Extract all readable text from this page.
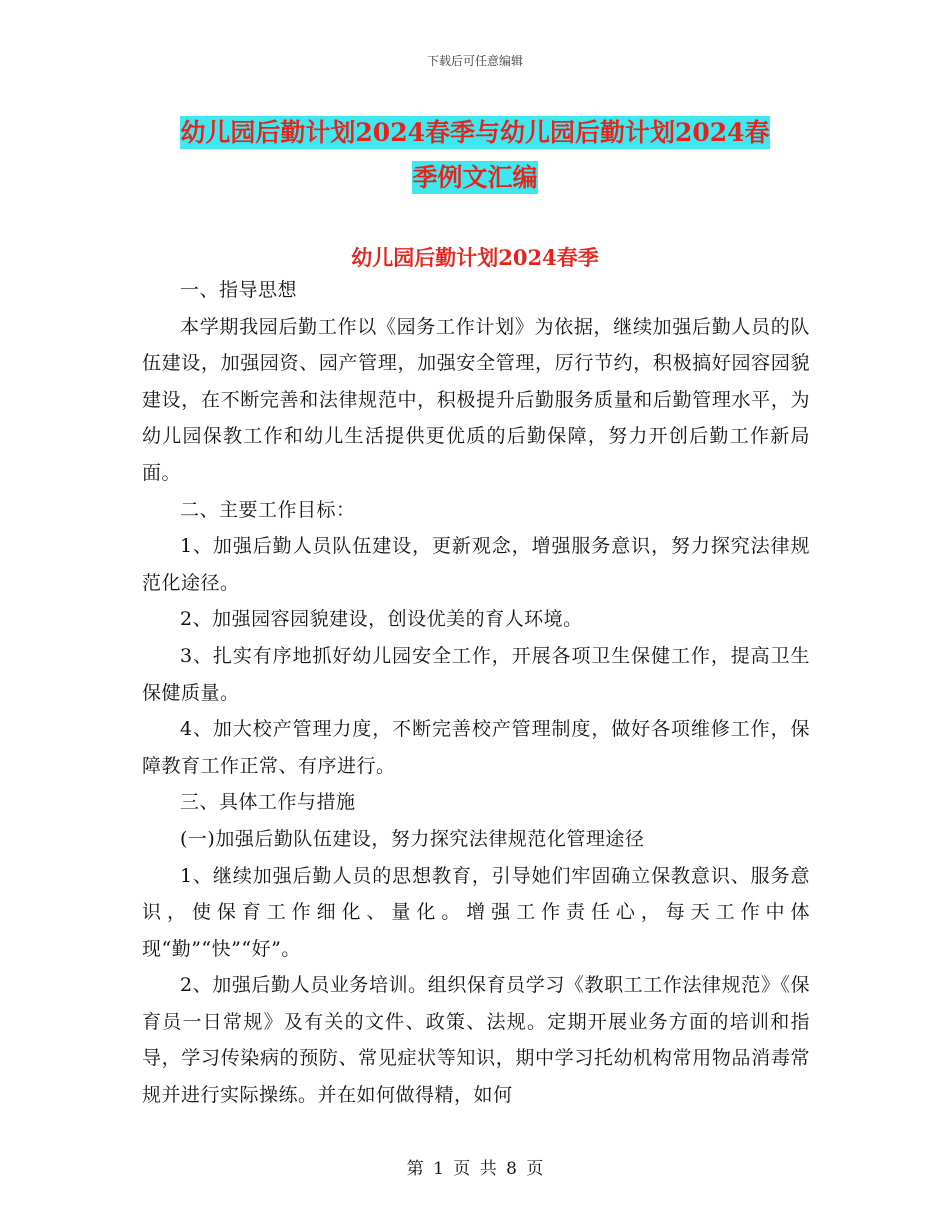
下载后可任意编辑
幼儿园后勤计划2024春季与幼儿园后勤计划2024春
季例文汇编
幼儿园后勤计划2024春季

一、指导思想

本学期我园后勤工作以《园务工作计划》为依据，继续加强后勤人员的队伍建设，加强园资、园产管理，加强安全管理，厉行节约，积极搞好园容园貌建设，在不断完善和法律规范中，积极提升后勤服务质量和后勤管理水平，为幼儿园保教工作和幼儿生活提供更优质的后勤保障，努力开创后勤工作新局面。

二、主要工作目标：

1、加强后勤人员队伍建设，更新观念，增强服务意识，努力探究法律规范化途径。

2、加强园容园貌建设，创设优美的育人环境。

3、扎实有序地抓好幼儿园安全工作，开展各项卫生保健工作，提高卫生保健质量。

4、加大校产管理力度，不断完善校产管理制度，做好各项维修工作，保障教育工作正常、有序进行。

三、具体工作与措施

(一)加强后勤队伍建设，努力探究法律规范化管理途径

1、继续加强后勤人员的思想教育，引导她们牢固确立保教意识、服务意识，使保育工作细化、量化。增强工作责任心，每天工作中体现“勤”“快”“好”。

2、加强后勤人员业务培训。组织保育员学习《教职工工作法律规范》《保育员一日常规》及有关的文件、政策、法规。定期开展业务方面的培训和指导，学习传染病的预防、常见症状等知识，期中学习托幼机构常用物品消毒常规并进行实际操练。并在如何做得精，如何

第 1 页 共 8 页
